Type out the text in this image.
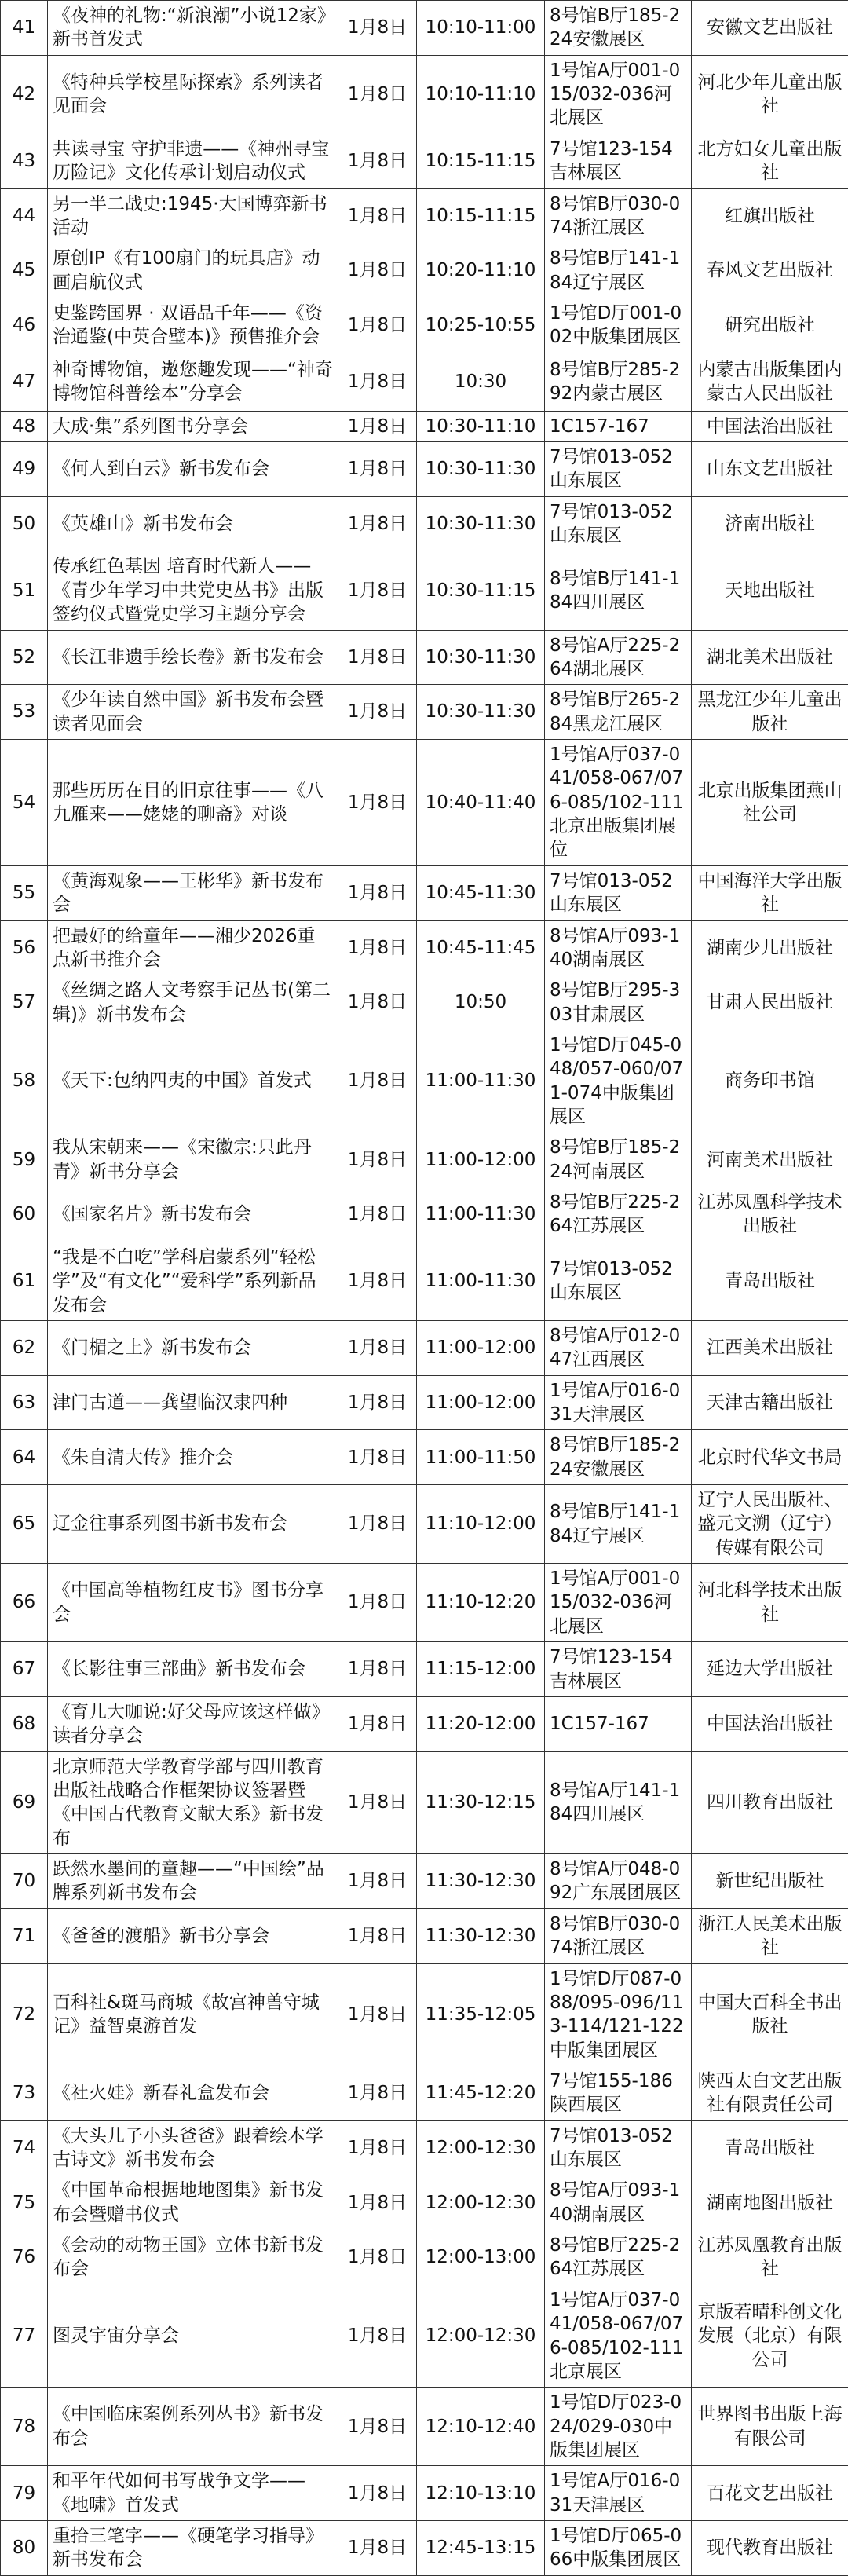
41	《夜神的礼物:“新浪潮”小说12家》新书首发式	1月8日	10:10-11:00	8号馆B厅185-224安徽展区	安徽文艺出版社
42	《特种兵学校星际探索》系列读者见面会	1月8日	10:10-11:10	1号馆A厅001-015/032-036河北展区	河北少年儿童出版社
43	共读寻宝 守护非遗——《神州寻宝历险记》文化传承计划启动仪式	1月8日	10:15-11:15	7号馆123-154吉林展区	北方妇女儿童出版社
44	另一半二战史:1945·大国博弈新书活动	1月8日	10:15-11:15	8号馆B厅030-074浙江展区	红旗出版社
45	原创IP《有100扇门的玩具店》动画启航仪式	1月8日	10:20-11:10	8号馆B厅141-184辽宁展区	春风文艺出版社
46	史鉴跨国界 · 双语品千年——《资治通鉴(中英合璧本)》预售推介会	1月8日	10:25-10:55	1号馆D厅001-002中版集团展区	研究出版社
47	神奇博物馆，遨您趣发现——“神奇博物馆科普绘本”分享会	1月8日	10:30	8号馆B厅285-292内蒙古展区	内蒙古出版集团内蒙古人民出版社
48	大成·集”系列图书分享会	1月8日	10:30-11:10	1C157-167	中国法治出版社
49	《何人到白云》新书发布会	1月8日	10:30-11:30	7号馆013-052山东展区	山东文艺出版社
50	《英雄山》新书发布会	1月8日	10:30-11:30	7号馆013-052山东展区	济南出版社
51	传承红色基因 培育时代新人——《青少年学习中共党史丛书》出版签约仪式暨党史学习主题分享会	1月8日	10:30-11:15	8号馆B厅141-184四川展区	天地出版社
52	《长江非遗手绘长卷》新书发布会	1月8日	10:30-11:30	8号馆A厅225-264湖北展区	湖北美术出版社
53	《少年读自然中国》新书发布会暨读者见面会	1月8日	10:30-11:30	8号馆B厅265-284黑龙江展区	黑龙江少年儿童出版社
54	那些历历在目的旧京往事——《八九雁来——姥姥的聊斋》对谈	1月8日	10:40-11:40	1号馆A厅037-041/058-067/076-085/102-111北京出版集团展位	北京出版集团燕山社公司
55	《黄海观象——王彬华》新书发布会	1月8日	10:45-11:30	7号馆013-052山东展区	中国海洋大学出版社
56	把最好的给童年——湘少2026重点新书推介会	1月8日	10:45-11:45	8号馆A厅093-140湖南展区	湖南少儿出版社
57	《丝绸之路人文考察手记丛书(第二辑)》新书发布会	1月8日	10:50	8号馆B厅295-303甘肃展区	甘肃人民出版社
58	《天下:包纳四夷的中国》首发式	1月8日	11:00-11:30	1号馆D厅045-048/057-060/071-074中版集团展区	商务印书馆
59	我从宋朝来——《宋徽宗:只此丹青》新书分享会	1月8日	11:00-12:00	8号馆B厅185-224河南展区	河南美术出版社
60	《国家名片》新书发布会	1月8日	11:00-11:30	8号馆B厅225-264江苏展区	江苏凤凰科学技术出版社
61	“我是不白吃”学科启蒙系列“轻松学”及“有文化”“爱科学”系列新品发布会	1月8日	11:00-11:30	7号馆013-052山东展区	青岛出版社
62	《门楣之上》新书发布会	1月8日	11:00-12:00	8号馆A厅012-047江西展区	江西美术出版社
63	津门古道——龚望临汉隶四种	1月8日	11:00-12:00	1号馆A厅016-031天津展区	天津古籍出版社
64	《朱自清大传》推介会	1月8日	11:00-11:50	8号馆B厅185-224安徽展区	北京时代华文书局
65	辽金往事系列图书新书发布会	1月8日	11:10-12:00	8号馆B厅141-184辽宁展区	辽宁人民出版社、盛元文溯（辽宁）传媒有限公司
66	《中国高等植物红皮书》图书分享会	1月8日	11:10-12:20	1号馆A厅001-015/032-036河北展区	河北科学技术出版社
67	《长影往事三部曲》新书发布会	1月8日	11:15-12:00	7号馆123-154吉林展区	延边大学出版社
68	《育儿大咖说:好父母应该这样做》读者分享会	1月8日	11:20-12:00	1C157-167	中国法治出版社
69	北京师范大学教育学部与四川教育出版社战略合作框架协议签署暨《中国古代教育文献大系》新书发布	1月8日	11:30-12:15	8号馆A厅141-184四川展区	四川教育出版社
70	跃然水墨间的童趣——“中国绘”品牌系列新书发布会	1月8日	11:30-12:30	8号馆A厅048-092广东展团展区	新世纪出版社
71	《爸爸的渡船》新书分享会	1月8日	11:30-12:30	8号馆B厅030-074浙江展区	浙江人民美术出版社
72	百科社&斑马商城《故宫神兽守城记》益智桌游首发	1月8日	11:35-12:05	1号馆D厅087-088/095-096/113-114/121-122中版集团展区	中国大百科全书出版社
73	《社火娃》新春礼盒发布会	1月8日	11:45-12:20	7号馆155-186陕西展区	陕西太白文艺出版社有限责任公司
74	《大头儿子小头爸爸》跟着绘本学古诗文》新书发布会	1月8日	12:00-12:30	7号馆013-052山东展区	青岛出版社
75	《中国革命根据地地图集》新书发布会暨赠书仪式	1月8日	12:00-12:30	8号馆A厅093-140湖南展区	湖南地图出版社
76	《会动的动物王国》立体书新书发布会	1月8日	12:00-13:00	8号馆B厅225-264江苏展区	江苏凤凰教育出版社
77	图灵宇宙分享会	1月8日	12:00-12:30	1号馆A厅037-041/058-067/076-085/102-111北京展区	京版若晴科创文化发展（北京）有限公司
78	《中国临床案例系列丛书》新书发布会	1月8日	12:10-12:40	1号馆D厅023-024/029-030中版集团展区	世界图书出版上海有限公司
79	和平年代如何书写战争文学——《地啸》首发式	1月8日	12:10-13:10	1号馆A厅016-031天津展区	百花文艺出版社
80	重拾三笔字——《硬笔学习指导》新书发布会	1月8日	12:45-13:15	1号馆D厅065-066中版集团展区	现代教育出版社
